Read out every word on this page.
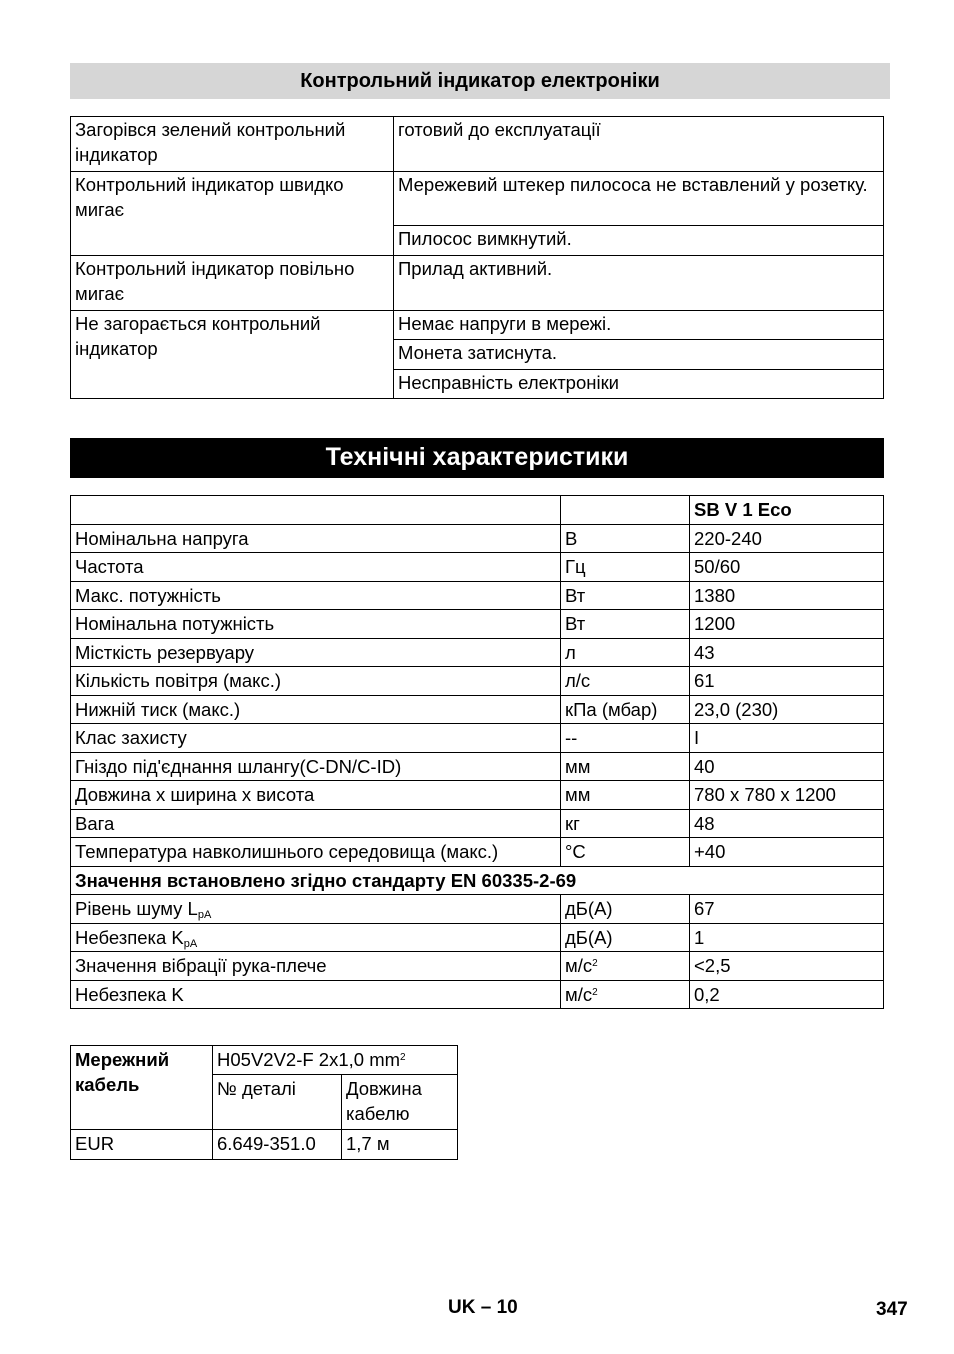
Контрольний індикатор електроніки
Загорівся зелений контрольний індикатор	готовий до експлуатації
Контрольний індикатор швидко мигає	Мережевий штекер пилососа не вставлений у розетку.
	Пилосос вимкнутий.
Контрольний індикатор повільно мигає	Прилад активний.
Не загорається контрольний індикатор	Немає напруги в мережі.
	Монета затиснута.
	Несправність електроніки
Технічні характеристики
		SB V 1 Eco
Номінальна напруга	В	220-240
Частота	Гц	50/60
Макс. потужність	Вт	1380
Номінальна потужність	Вт	1200
Місткість резервуару	л	43
Кількість повітря (макс.)	л/с	61
Нижній тиск (макс.)	кПа (мбар)	23,0 (230)
Клас захисту	--	I
Гніздо під'єднання шлангу(C-DN/C-ID)	мм	40
Довжина х ширина х висота	мм	780 x 780 x 1200
Вага	кг	48
Температура навколишнього середовища (макс.)	°C	+40
Значення встановлено згідно стандарту EN 60335-2-69		
Рівень шуму $L_{pA}$	дБ(А)	67
Небезпека $K_{pA}$	дБ(А)	1
Значення вібрації рука-плече	$м/с^2$	<2,5
Небезпека K	$м/с^2$	0,2
Мережний кабель	H05V2V2-F 2x1,0 $mm^2$
	№ деталі	Довжина кабелю
EUR	6.649-351.0	1,7 м
UK – 10	347
